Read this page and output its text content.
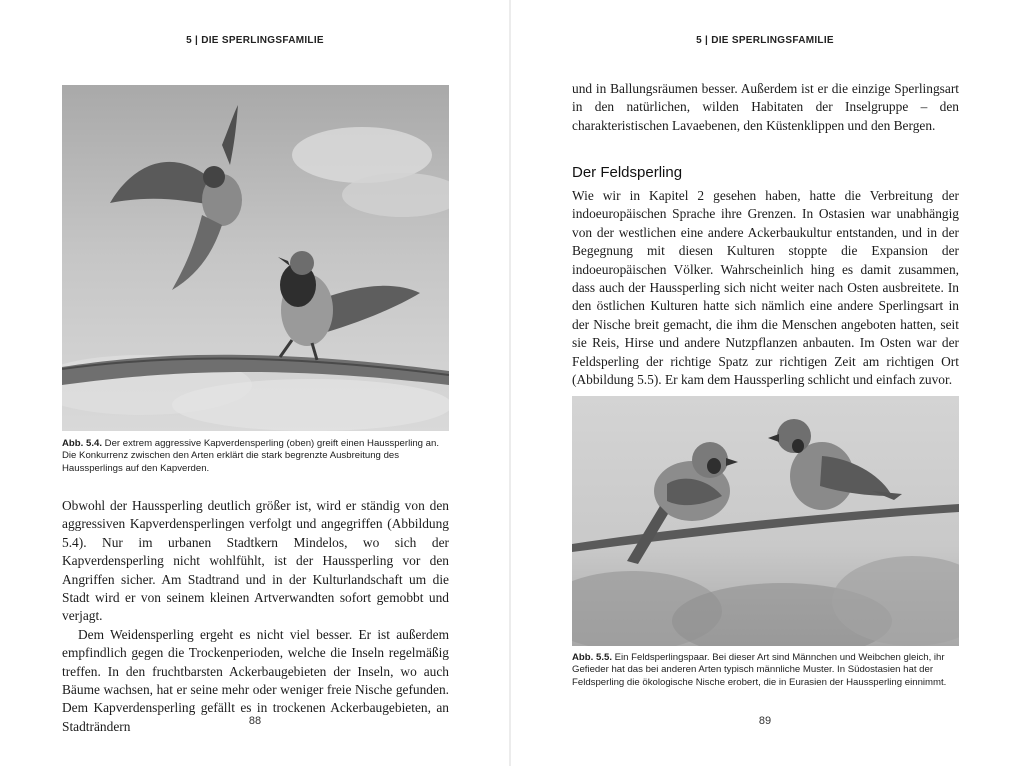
5 | DIE SPERLINGSFAMILIE
Abb. 5.4. Der extrem aggressive Kapverdensperling (oben) greift einen Haussperling an. Die Konkurrenz zwischen den Arten erklärt die stark begrenzte Ausbreitung des Haussperlings auf den Kapverden.

Obwohl der Haussperling deutlich größer ist, wird er ständig von den aggressiven Kapverdensperlingen verfolgt und angegriffen (Abbildung 5.4). Nur im urbanen Stadtkern Mindelos, wo sich der Kapverdensperling nicht wohlfühlt, ist der Haussperling vor den Angriffen sicher. Am Stadtrand und in der Kulturlandschaft um die Stadt wird er von seinem kleinen Artverwandten sofort gemobbt und verjagt.

Dem Weidensperling ergeht es nicht viel besser. Er ist außerdem empfindlich gegen die Trockenperioden, welche die Inseln regelmäßig treffen. In den fruchtbarsten Ackerbaugebieten der Inseln, wo auch Bäume wachsen, hat er seine mehr oder weniger freie Nische gefunden. Dem Kapverdensperling gefällt es in trockenen Ackerbaugebieten, an Stadträndern	88
5 | DIE SPERLINGSFAMILIE

und in Ballungsräumen besser. Außerdem ist er die einzige Sperlingsart in den natürlichen, wilden Habitaten der Inselgruppe – den charakteristischen Lavaebenen, den Küstenklippen und den Bergen.

Der Feldsperling

Wie wir in Kapitel 2 gesehen haben, hatte die Verbreitung der indoeuropäischen Sprache ihre Grenzen. In Ostasien war unabhängig von der westlichen eine andere Ackerbaukultur entstanden, und in der Begegnung mit diesen Kulturen stoppte die Expansion der indoeuropäischen Völker. Wahrscheinlich hing es damit zusammen, dass auch der Haussperling sich nicht weiter nach Osten ausbreitete. In den östlichen Kulturen hatte sich nämlich eine andere Sperlingsart in der Nische breit gemacht, die ihm die Menschen angeboten hatten, seit sie Reis, Hirse und andere Nutzpflanzen anbauten. Im Osten war der Feldsperling der richtige Spatz zur richtigen Zeit am richtigen Ort (Abbildung 5.5). Er kam dem Haussperling schlicht und einfach zuvor.

Abb. 5.5. Ein Feldsperlingspaar. Bei dieser Art sind Männchen und Weibchen gleich, ihr Gefieder hat das bei anderen Arten typisch männliche Muster. In Südostasien hat der Feldsperling die ökologische Nische erobert, die in Eurasien der Haussperling einnimmt.
89
